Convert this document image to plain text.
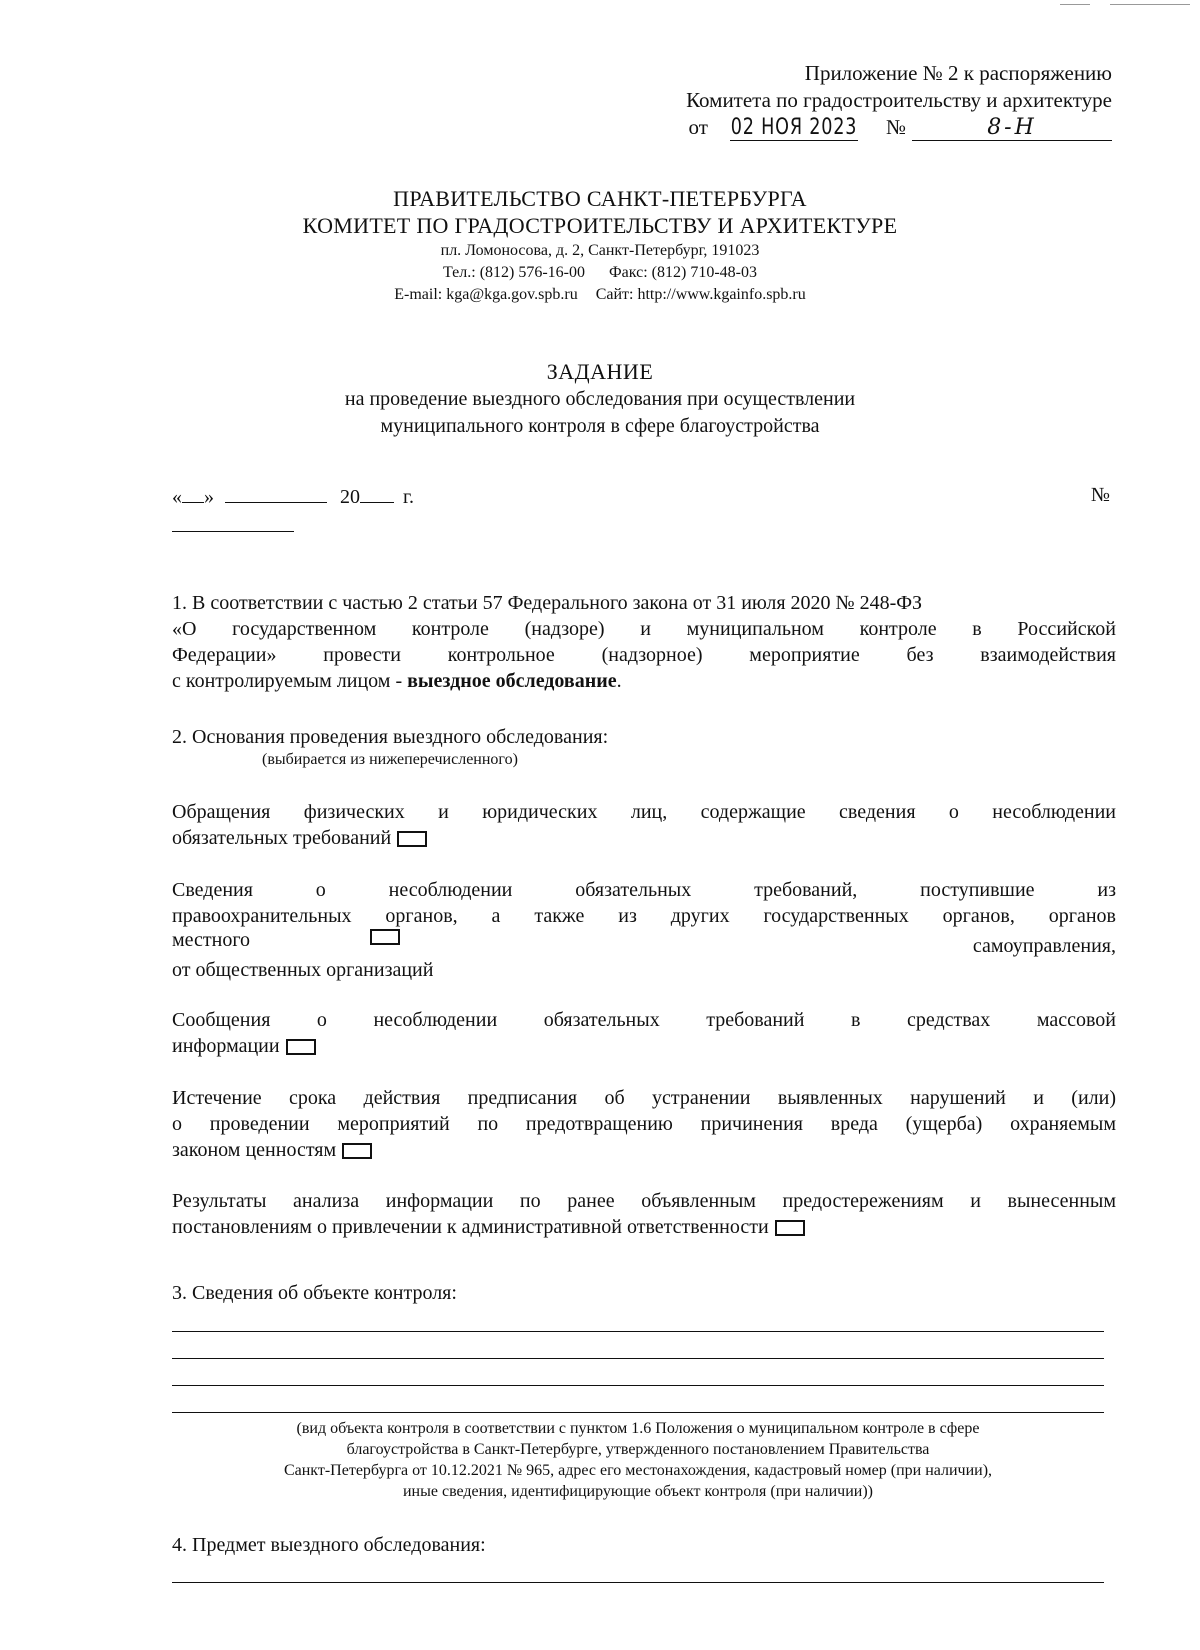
Приложение № 2 к распоряжению
Комитета по градостроительству и архитектуре
от 02 НОЯ 2023 №	8-Н
ПРАВИТЕЛЬСТВО САНКТ-ПЕТЕРБУРГА
КОМИТЕТ ПО ГРАДОСТРОИТЕЛЬСТВУ И АРХИТЕКТУРЕ
пл. Ломоносова, д. 2, Санкт-Петербург, 191023
Тел.: (812) 576-16-00 Факс: (812) 710-48-03
E-mail: kga@kga.gov.spb.ru Сайт: http://www.kgainfo.spb.ru
ЗАДАНИЕ
на проведение выездного обследования при осуществлении
муниципального контроля в сфере благоустройства
« »	20 г.	№
1. В соответствии с частью 2 статьи 57 Федерального закона от 31 июля 2020 № 248-ФЗ
«О государственном контроле (надзоре) и муниципальном контроле в Российской
Федерации» провести контрольное (надзорное) мероприятие без взаимодействия
с контролируемым лицом - выездное обследование.
2. Основания проведения выездного обследования:
(выбирается из нижеперечисленного)
Обращения физических и юридических лиц, содержащие сведения о несоблюдении
обязательных требований
Сведения о несоблюдении обязательных требований, поступившие из
правоохранительных органов, а также из других государственных органов, органов
местного	самоуправления,
от общественных организаций
Сообщения о несоблюдении обязательных требований в средствах массовой
информации
Истечение срока действия предписания об устранении выявленных нарушений и (или)
о проведении мероприятий по предотвращению причинения вреда (ущерба) охраняемым
законом ценностям
Результаты анализа информации по ранее объявленным предостережениям и вынесенным
постановлениям о привлечении к административной ответственности
3. Сведения об объекте контроля:
(вид объекта контроля в соответствии с пунктом 1.6 Положения о муниципальном контроле в сфере
благоустройства в Санкт-Петербурге, утвержденного постановлением Правительства
Санкт-Петербурга от 10.12.2021 № 965, адрес его местонахождения, кадастровый номер (при наличии),
иные сведения, идентифицирующие объект контроля (при наличии))
4. Предмет выездного обследования:
